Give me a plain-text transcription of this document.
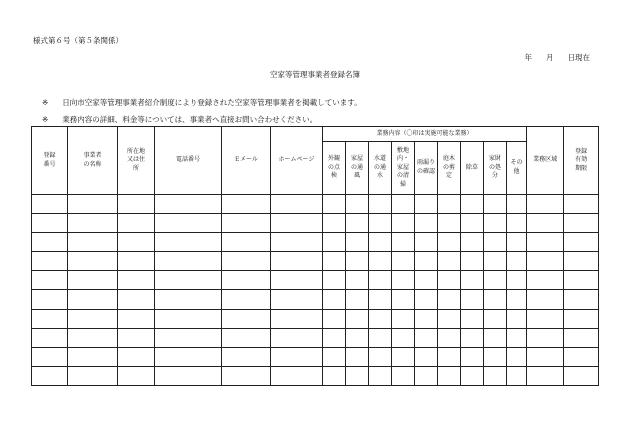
様式第６号（第５条関係）
年 月 日現在
空家等管理事業者登録名簿
※ 日向市空家等管理事業者紹介制度により登録された空家等管理事業者を掲載しています。
※ 業務内容の詳細、料金等については、事業者へ直接お問い合わせください。
登録番号	事業者の名称	所在地又は住所	電話番号	Ｅメール	ホームページ	業務内容（〇印は実施可能な業務）									業務区域	登録有効期限
						外観の点検	家屋の通風	水道の通水	敷地内・家屋の清掃	雨漏りの確認	庭木の剪定	除草	家財の処分	その他		
